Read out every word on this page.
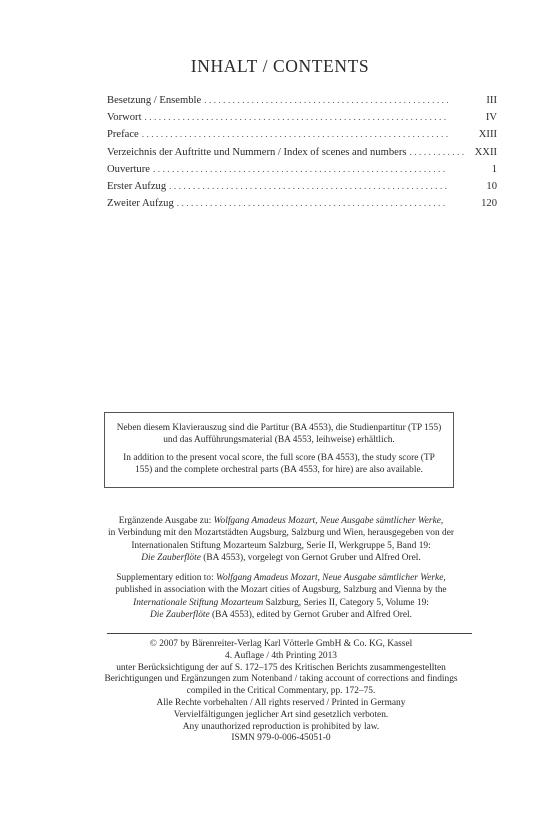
INHALT / CONTENTS
Besetzung / Ensemble . . .	III
Vorwort . . .	IV
Preface . . .	XIII
Verzeichnis der Auftritte und Nummern / Index of scenes and numbers . . .	XXII
Ouverture . . .	1
Erster Aufzug . . .	10
Zweiter Aufzug . . .	120

Neben diesem Klavierauszug sind die Partitur (BA 4553), die Studienpartitur (TP 155) und das Aufführungsmaterial (BA 4553, leihweise) erhältlich.

In addition to the present vocal score, the full score (BA 4553), the study score (TP 155) and the complete orchestral parts (BA 4553, for hire) are also available.

Ergänzende Ausgabe zu: Wolfgang Amadeus Mozart, Neue Ausgabe sämtlicher Werke,

in Verbindung mit den Mozartstädten Augsburg, Salzburg und Wien, herausgegeben von der

Internationalen Stiftung Mozarteum Salzburg, Serie II, Werkgruppe 5, Band 19:

Die Zauberflöte (BA 4553), vorgelegt von Gernot Gruber und Alfred Orel.

Supplementary edition to: Wolfgang Amadeus Mozart, Neue Ausgabe sämtlicher Werke,

published in association with the Mozart cities of Augsburg, Salzburg and Vienna by the

Internationale Stiftung Mozarteum Salzburg, Series II, Category 5, Volume 19:

Die Zauberflöte (BA 4553), edited by Gernot Gruber and Alfred Orel.

© 2007 by Bärenreiter-Verlag Karl Vötterle GmbH & Co. KG, Kassel
4. Auflage / 4th Printing 2013
unter Berücksichtigung der auf S. 172–175 des Kritischen Berichts zusammengestellten
Berichtigungen und Ergänzungen zum Notenband / taking account of corrections and findings
compiled in the Critical Commentary, pp. 172–75.
Alle Rechte vorbehalten / All rights reserved / Printed in Germany
Vervielfältigungen jeglicher Art sind gesetzlich verboten.
Any unauthorized reproduction is prohibited by law.
ISMN 979-0-006-45051-0
